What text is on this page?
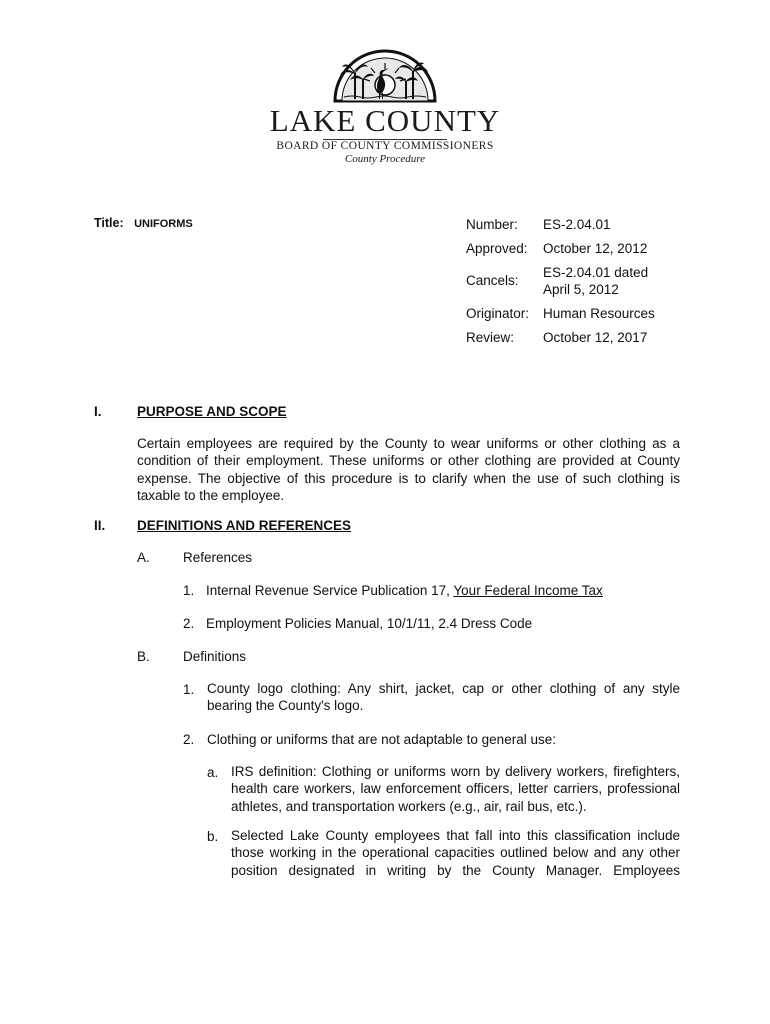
LAKE COUNTY
BOARD OF COUNTY COMMISSIONERS
County Procedure
Title: UNIFORMS	Number: ES-2.04.01
Approved: October 12, 2012
Cancels:
ES-2.04.01 dated
April 5, 2012
Originator: Human Resources
Review: October 12, 2017
I.	PURPOSE AND SCOPE
Certain employees are required by the County to wear uniforms or other clothing as a condition of their employment. These uniforms or other clothing are provided at County expense. The objective of this procedure is to clarify when the use of such clothing is taxable to the employee.
II. DEFINITIONS AND REFERENCES
A. References
1. Internal Revenue Service Publication 17, Your Federal Income Tax
2. Employment Policies Manual, 10/1/11, 2.4 Dress Code
B. Definitions
1. County logo clothing: Any shirt, jacket, cap or other clothing of any style bearing the County's logo.
2. Clothing or uniforms that are not adaptable to general use:
a. IRS definition: Clothing or uniforms worn by delivery workers, firefighters, health care workers, law enforcement officers, letter carriers, professional athletes, and transportation workers (e.g., air, rail bus, etc.).
b. Selected Lake County employees that fall into this classification include those working in the operational capacities outlined below and any other position designated in writing by the County Manager. Employees
